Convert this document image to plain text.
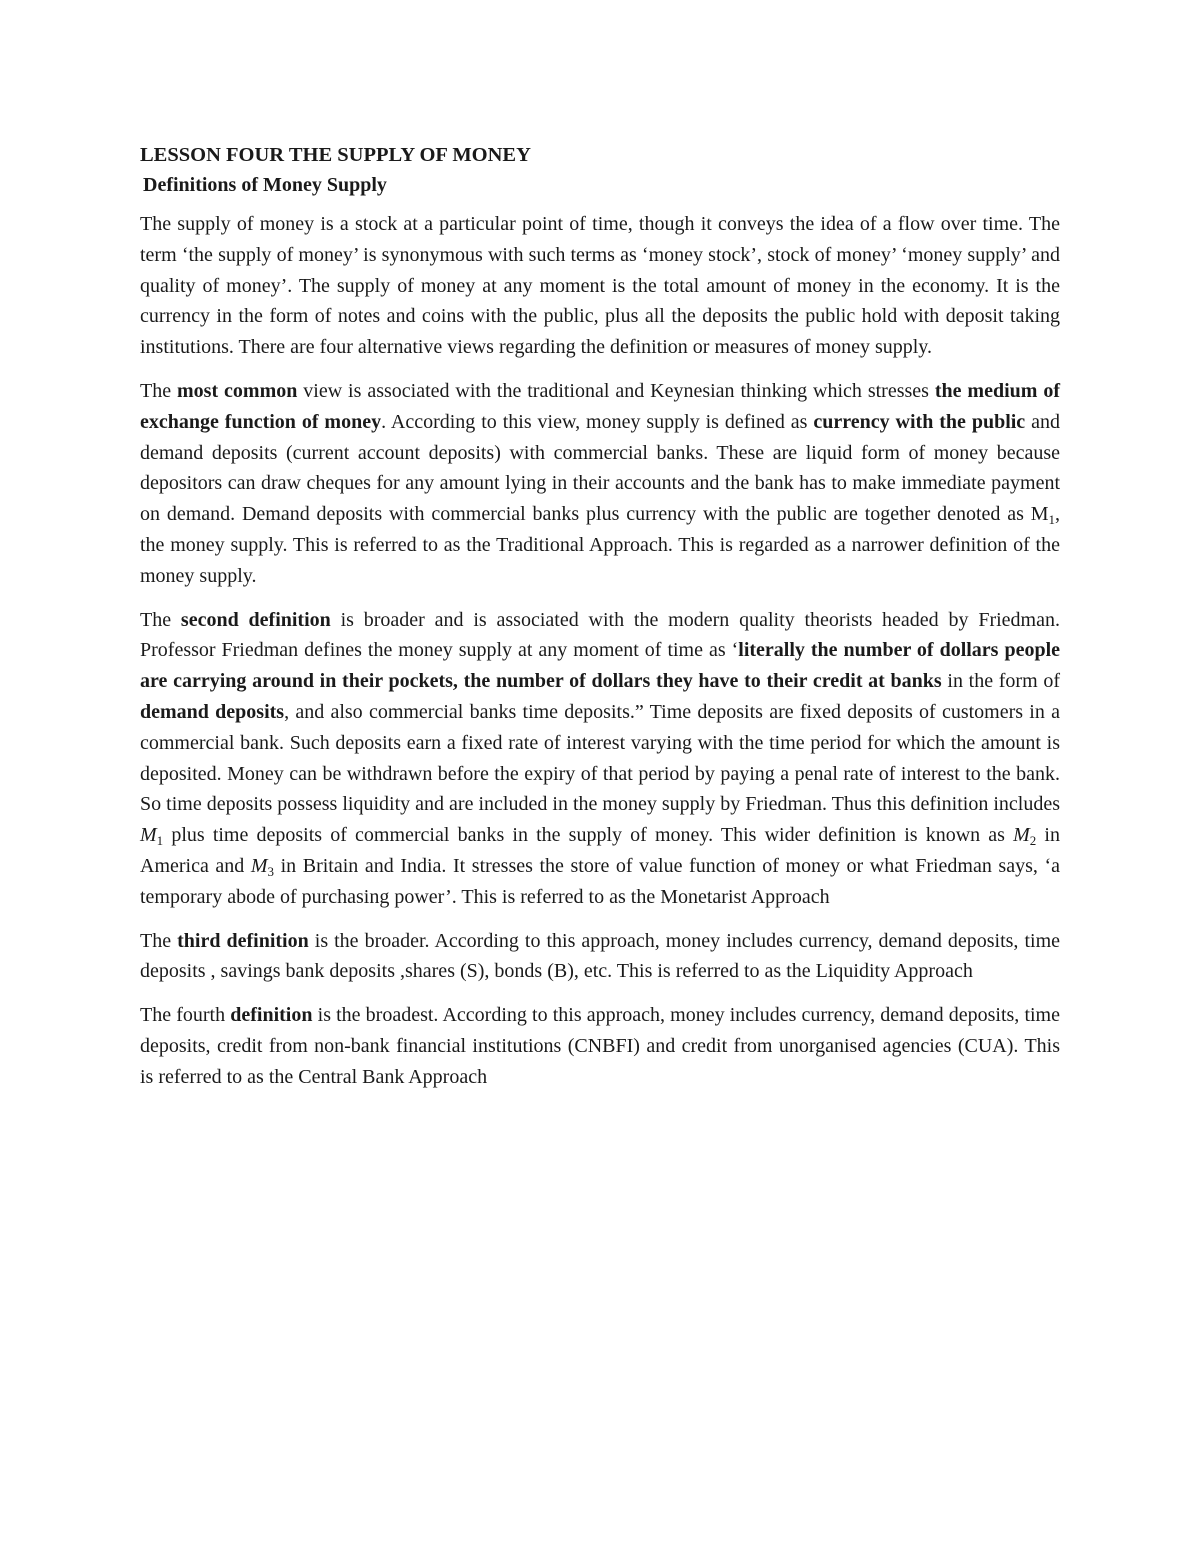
LESSON FOUR THE SUPPLY OF MONEY
Definitions of Money Supply

The supply of money is a stock at a particular point of time, though it conveys the idea of a flow over time. The term ‘the supply of money’ is synonymous with such terms as ‘money stock’, stock of money’ ‘money supply’ and quality of money’. The supply of money at any moment is the total amount of money in the economy. It is the currency in the form of notes and coins with the public, plus all the deposits the public hold with deposit taking institutions. There are four alternative views regarding the definition or measures of money supply.

The most common view is associated with the traditional and Keynesian thinking which stresses the medium of exchange function of money. According to this view, money supply is defined as currency with the public and demand deposits (current account deposits) with commercial banks. These are liquid form of money because depositors can draw cheques for any amount lying in their accounts and the bank has to make immediate payment on demand. Demand deposits with commercial banks plus currency with the public are together denoted as $M_1$, the money supply. This is referred to as the Traditional Approach. This is regarded as a narrower definition of the money supply.

The second definition is broader and is associated with the modern quality theorists headed by Friedman. Professor Friedman defines the money supply at any moment of time as ‘literally the number of dollars people are carrying around in their pockets, the number of dollars they have to their credit at banks in the form of demand deposits, and also commercial banks time deposits.” Time deposits are fixed deposits of customers in a commercial bank. Such deposits earn a fixed rate of interest varying with the time period for which the amount is deposited. Money can be withdrawn before the expiry of that period by paying a penal rate of interest to the bank. So time deposits possess liquidity and are included in the money supply by Friedman. Thus this definition includes $M_1$ plus time deposits of commercial banks in the supply of money. This wider definition is known as $M_2$ in America and $M_3$ in Britain and India. It stresses the store of value function of money or what Friedman says, ‘a temporary abode of purchasing power’. This is referred to as the Monetarist Approach

The third definition is the broader. According to this approach, money includes currency, demand deposits, time deposits , savings bank deposits ,shares (S), bonds (B), etc. This is referred to as the Liquidity Approach

The fourth definition is the broadest. According to this approach, money includes currency, demand deposits, time deposits, credit from non-bank financial institutions (CNBFI) and credit from unorganised agencies (CUA). This is referred to as the Central Bank Approach
